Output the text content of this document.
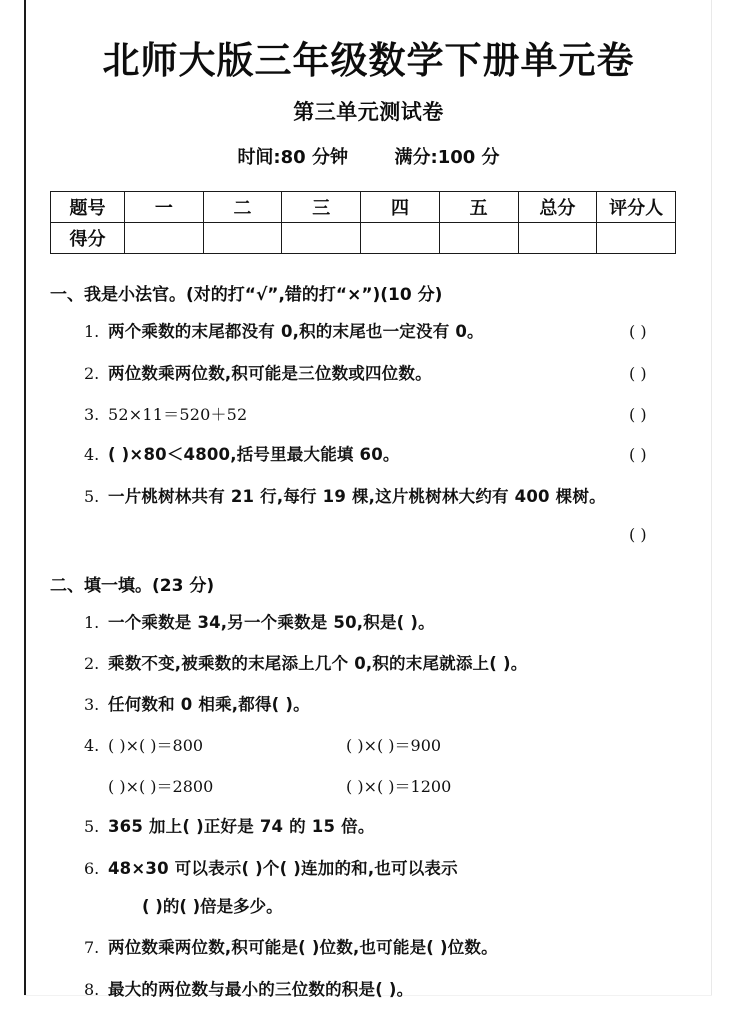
北师大版三年级数学下册单元卷
第三单元测试卷

时间:80 分钟	满分:100 分

题号	一	二	三	四	五	总分	评分人
得分							

一、我是小法官。(对的打“√”,错的打“×”)(10 分)

1. 两个乘数的末尾都没有 0,积的末尾也一定没有 0。	( )
2. 两位数乘两位数,积可能是三位数或四位数。	( )
3. 52×11＝520＋52	( )
4. ( )×80＜4800,括号里最大能填 60。	( )
5. 一片桃树林共有 21 行,每行 19 棵,这片桃树林大约有 400 棵树。
( )

二、填一填。(23 分)

1. 一个乘数是 34,另一个乘数是 50,积是( )。
2. 乘数不变,被乘数的末尾添上几个 0,积的末尾就添上( )。
3. 任何数和 0 相乘,都得( )。
4. ( )×( )＝800	( )×( )＝900
( )×( )＝2800	( )×( )＝1200
5. 365 加上( )正好是 74 的 15 倍。
6. 48×30 可以表示( )个( )连加的和,也可以表示
( )的( )倍是多少。
7. 两位数乘两位数,积可能是( )位数,也可能是( )位数。
8. 最大的两位数与最小的三位数的积是( )。
